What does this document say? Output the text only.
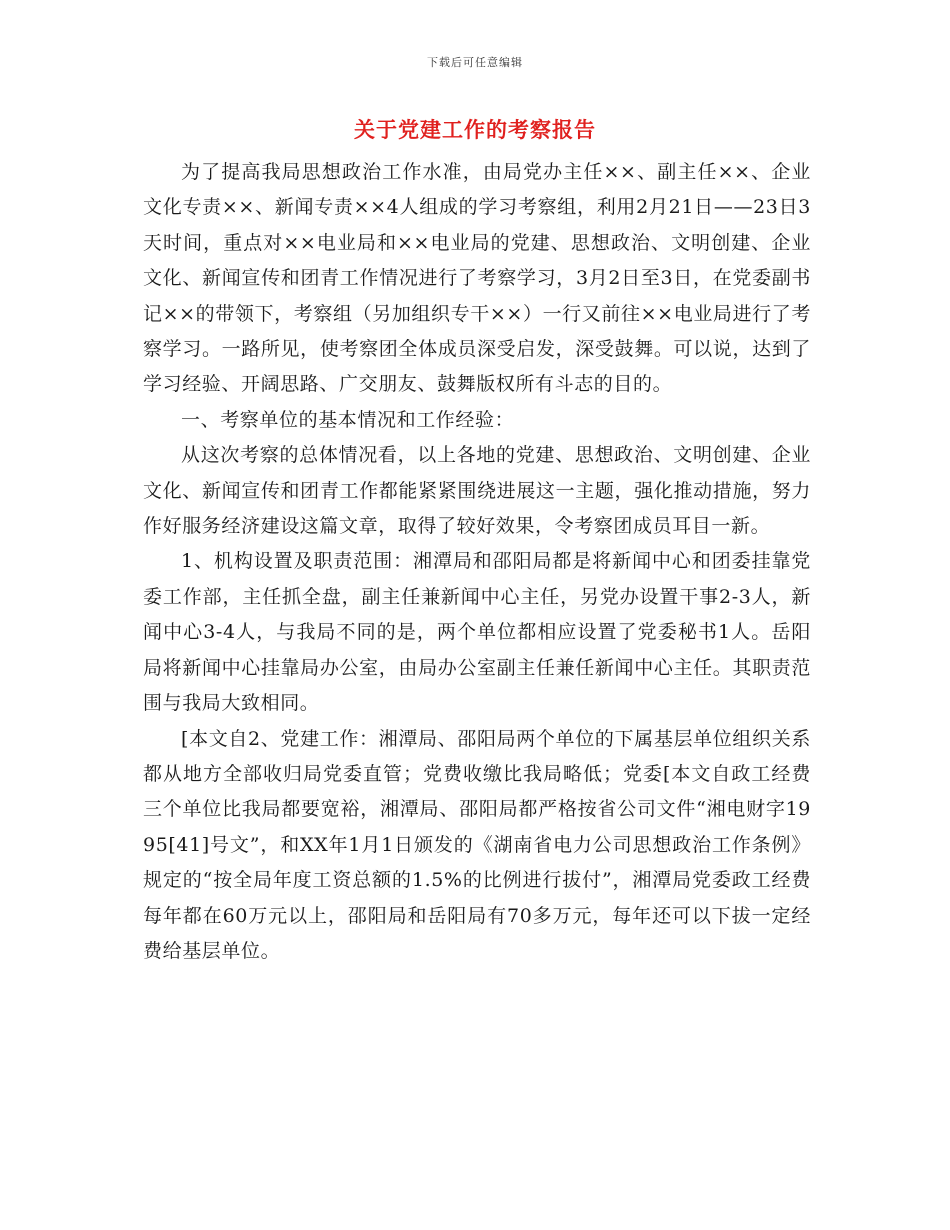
下载后可任意编辑
关于党建工作的考察报告

为了提高我局思想政治工作水准，由局党办主任××、副主任××、企业文化专责××、新闻专责××4人组成的学习考察组，利用2月21日——23日3天时间，重点对××电业局和××电业局的党建、思想政治、文明创建、企业文化、新闻宣传和团青工作情况进行了考察学习，3月2日至3日，在党委副书记××的带领下，考察组（另加组织专干××）一行又前往××电业局进行了考察学习。一路所见，使考察团全体成员深受启发，深受鼓舞。可以说，达到了学习经验、开阔思路、广交朋友、鼓舞版权所有斗志的目的。

一、考察单位的基本情况和工作经验：

从这次考察的总体情况看，以上各地的党建、思想政治、文明创建、企业文化、新闻宣传和团青工作都能紧紧围绕进展这一主题，强化推动措施，努力作好服务经济建设这篇文章，取得了较好效果，令考察团成员耳目一新。

1、机构设置及职责范围：湘潭局和邵阳局都是将新闻中心和团委挂靠党委工作部，主任抓全盘，副主任兼新闻中心主任，另党办设置干事2-3人，新闻中心3-4人，与我局不同的是，两个单位都相应设置了党委秘书1人。岳阳局将新闻中心挂靠局办公室，由局办公室副主任兼任新闻中心主任。其职责范围与我局大致相同。

[本文自2、党建工作：湘潭局、邵阳局两个单位的下属基层单位组织关系都从地方全部收归局党委直管；党费收缴比我局略低；党委[本文自政工经费三个单位比我局都要宽裕，湘潭局、邵阳局都严格按省公司文件“湘电财字1995[41]号文”，和XX年1月1日颁发的《湖南省电力公司思想政治工作条例》规定的“按全局年度工资总额的1.5%的比例进行拔付”，湘潭局党委政工经费每年都在60万元以上，邵阳局和岳阳局有70多万元，每年还可以下拔一定经费给基层单位。
